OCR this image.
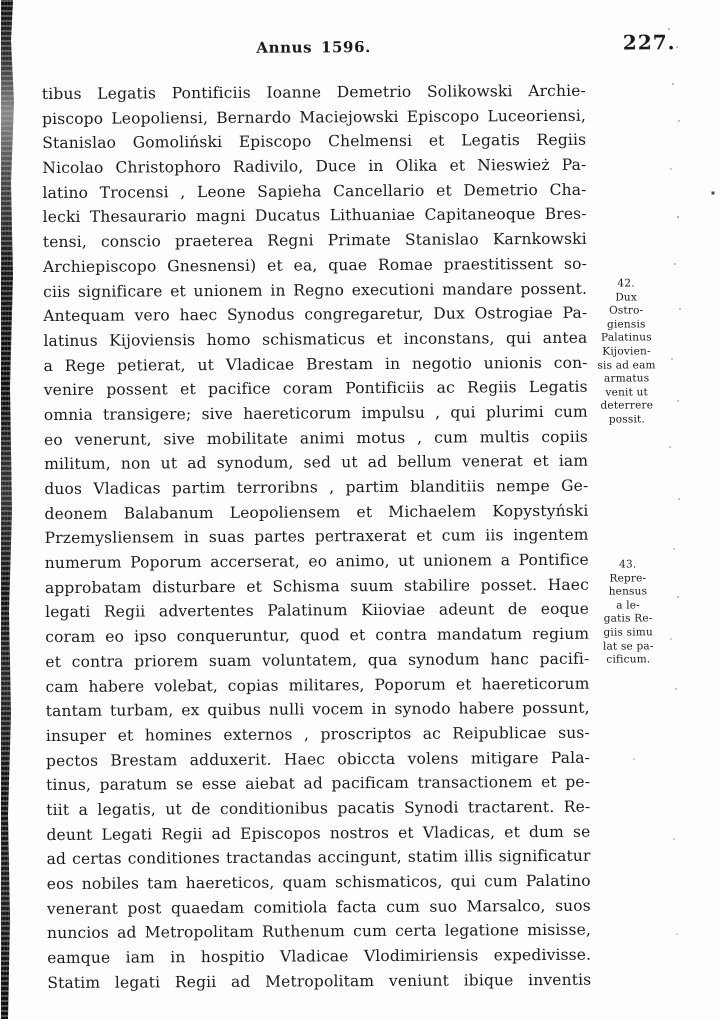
Annus 1596.	227.
tibus Legatis Pontificiis Ioanne Demetrio Solikowski Archie-
piscopo Leopoliensi, Bernardo Maciejowski Episcopo Luceoriensi,
Stanislao Gomoliński Episcopo Chelmensi et Legatis Regiis
Nicolao Christophoro Radivilo, Duce in Olika et Nieswież Pa-
latino Trocensi , Leone Sapieha Cancellario et Demetrio Cha-
lecki Thesaurario magni Ducatus Lithuaniae Capitaneoque Bres-
tensi, conscio praeterea Regni Primate Stanislao Karnkowski
Archiepiscopo Gnesnensi) et ea, quae Romae praestitissent so-
ciis significare et unionem in Regno executioni mandare possent.
Antequam vero haec Synodus congregaretur, Dux Ostrogiae Pa-
latinus Kijoviensis homo schismaticus et inconstans, qui antea
a Rege petierat, ut Vladicae Brestam in negotio unionis con-
venire possent et pacifice coram Pontificiis ac Regiis Legatis
omnia transigere; sive haereticorum impulsu , qui plurimi cum
eo venerunt, sive mobilitate animi motus , cum multis copiis
militum, non ut ad synodum, sed ut ad bellum venerat et iam
duos Vladicas partim terroribns , partim blanditiis nempe Ge-
deonem Balabanum Leopoliensem et Michaelem Kopystyński
Przemysliensem in suas partes pertraxerat et cum iis ingentem
numerum Poporum accerserat, eo animo, ut unionem a Pontifice
approbatam disturbare et Schisma suum stabilire posset. Haec
legati Regii advertentes Palatinum Kiioviae adeunt de eoque
coram eo ipso conqueruntur, quod et contra mandatum regium
et contra priorem suam voluntatem, qua synodum hanc pacifi-
cam habere volebat, copias militares, Poporum et haereticorum
tantam turbam, ex quibus nulli vocem in synodo habere possunt,
insuper et homines externos , proscriptos ac Reipublicae sus-
pectos Brestam adduxerit. Haec obiccta volens mitigare Pala-
tinus, paratum se esse aiebat ad pacificam transactionem et pe-
tiit a legatis, ut de conditionibus pacatis Synodi tractarent. Re-
deunt Legati Regii ad Episcopos nostros et Vladicas, et dum se
ad certas conditiones tractandas accingunt, statim illis significatur
eos nobiles tam haereticos, quam schismaticos, qui cum Palatino
venerant post quaedam comitiola facta cum suo Marsalco, suos
nuncios ad Metropolitam Ruthenum cum certa legatione misisse,
eamque iam in hospitio Vladicae Vlodimiriensis expedivisse.
Statim legati Regii ad Metropolitam veniunt ibique inventis
42.
Dux
Ostro-
giensis
Palatinus
Kijovien-
sis ad eam
armatus
venit ut
deterrere
possit.
43.
Repre-
hensus
a le-
gatis Re-
giis simu
lat se pa-
cificum.
